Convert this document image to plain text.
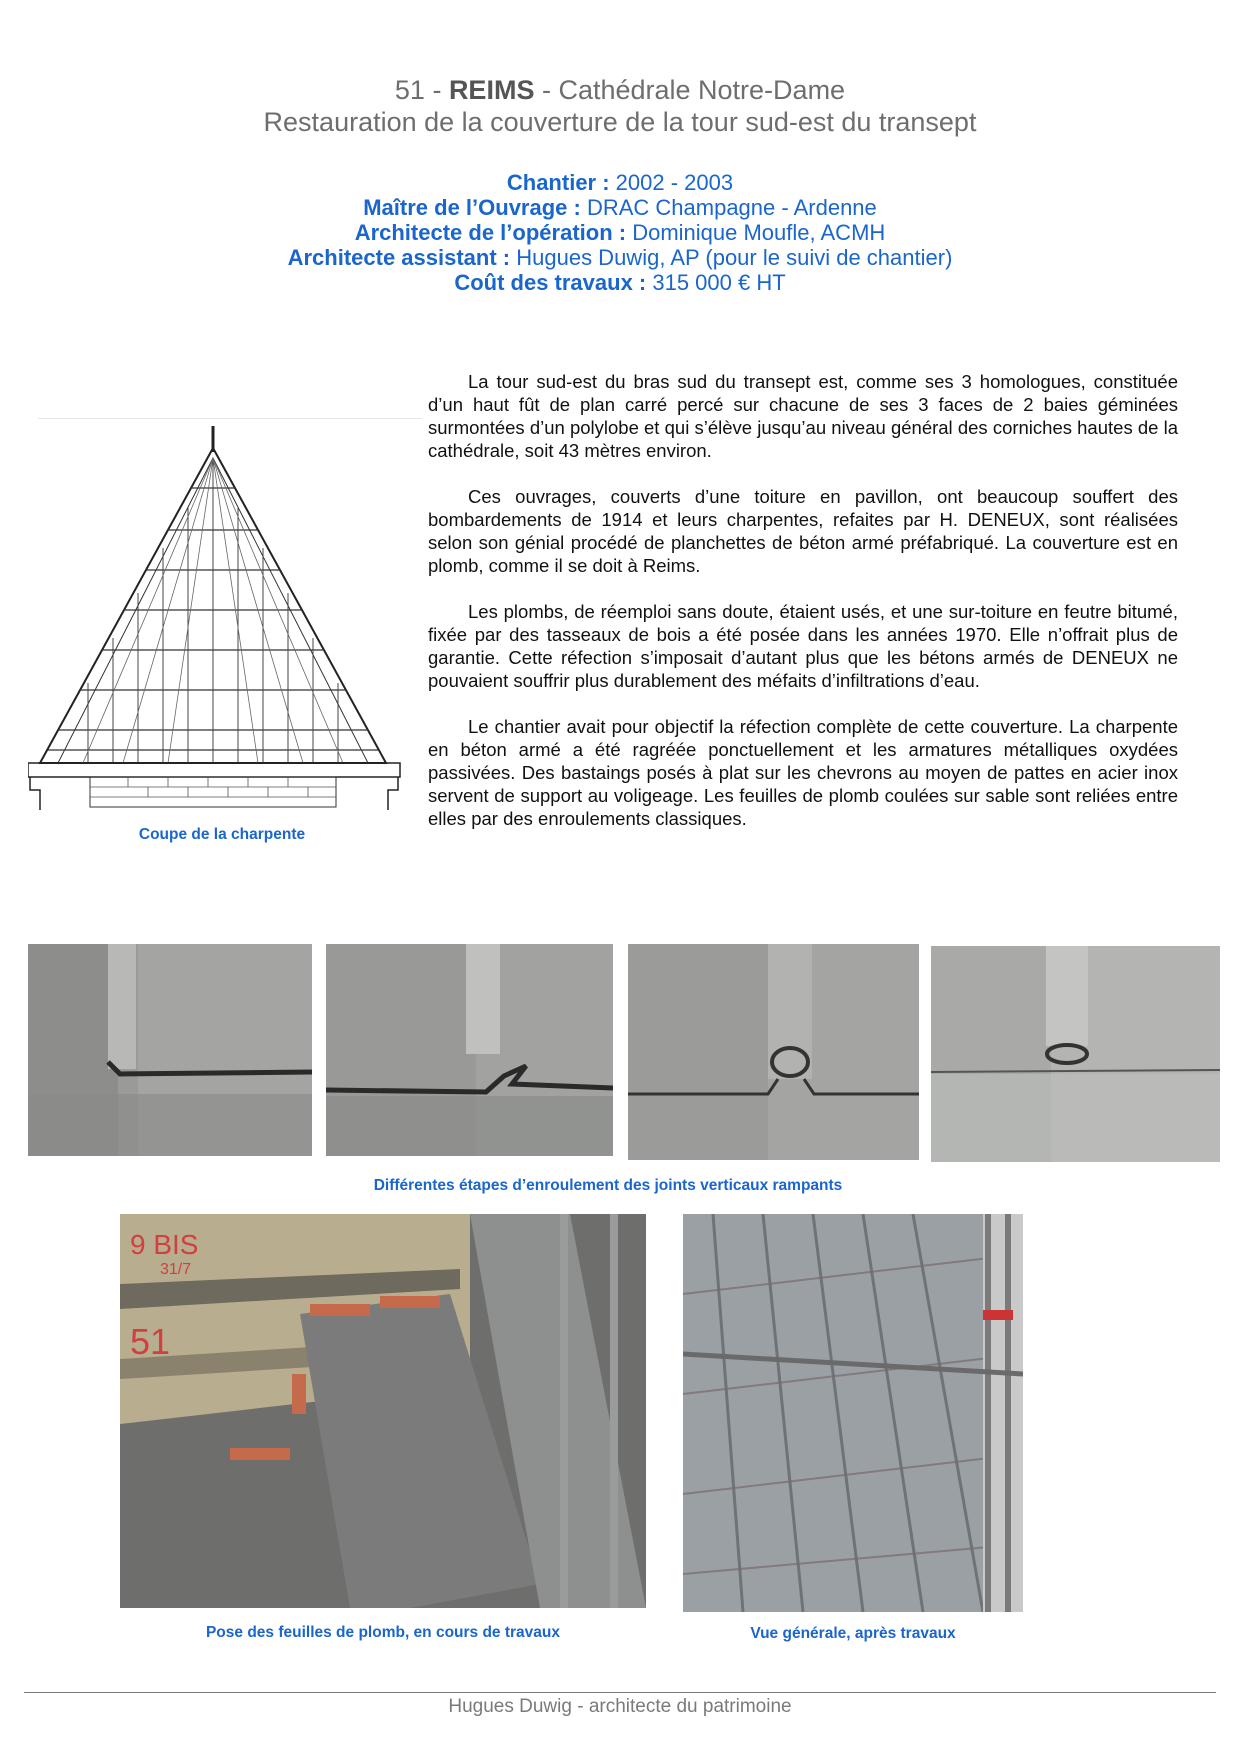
51 - REIMS - Cathédrale Notre-Dame
Restauration de la couverture de la tour sud-est du transept
Chantier : 2002 - 2003
Maître de l’Ouvrage : DRAC Champagne - Ardenne
Architecte de l’opération : Dominique Moufle, ACMH
Architecte assistant : Hugues Duwig, AP (pour le suivi de chantier)
Coût des travaux : 315 000 € HT
Coupe de la charpente

La tour sud-est du bras sud du transept est, comme ses 3 homologues, constituée d’un haut fût de plan carré percé sur chacune de ses 3 faces de 2 baies géminées surmontées d’un polylobe et qui s’élève jusqu’au niveau général des corniches hautes de la cathédrale, soit 43 mètres environ.

Ces ouvrages, couverts d’une toiture en pavillon, ont beaucoup souffert des bombardements de 1914 et leurs charpentes, refaites par H. DENEUX, sont réalisées selon son génial procédé de planchettes de béton armé préfabriqué. La couverture est en plomb, comme il se doit à Reims.

Les plombs, de réemploi sans doute, étaient usés, et une sur-toiture en feutre bitumé, fixée par des tasseaux de bois a été posée dans les années 1970. Elle n’offrait plus de garantie. Cette réfection s’imposait d’autant plus que les bétons armés de DENEUX ne pouvaient souffrir plus durablement des méfaits d’infiltrations d’eau.

Le chantier avait pour objectif la réfection complète de cette couverture. La charpente en béton armé a été ragréée ponctuellement et les armatures métalliques oxydées passivées. Des bastaings posés à plat sur les chevrons au moyen de pattes en acier inox servent de support au voligeage. Les feuilles de plomb coulées sur sable sont reliées entre elles par des enroulements classiques.

Différentes étapes d’enroulement des joints verticaux rampants
9 BIS
31/7
51
Pose des feuilles de plomb, en cours de travaux	Vue générale, après travaux
Hugues Duwig - architecte du patrimoine
